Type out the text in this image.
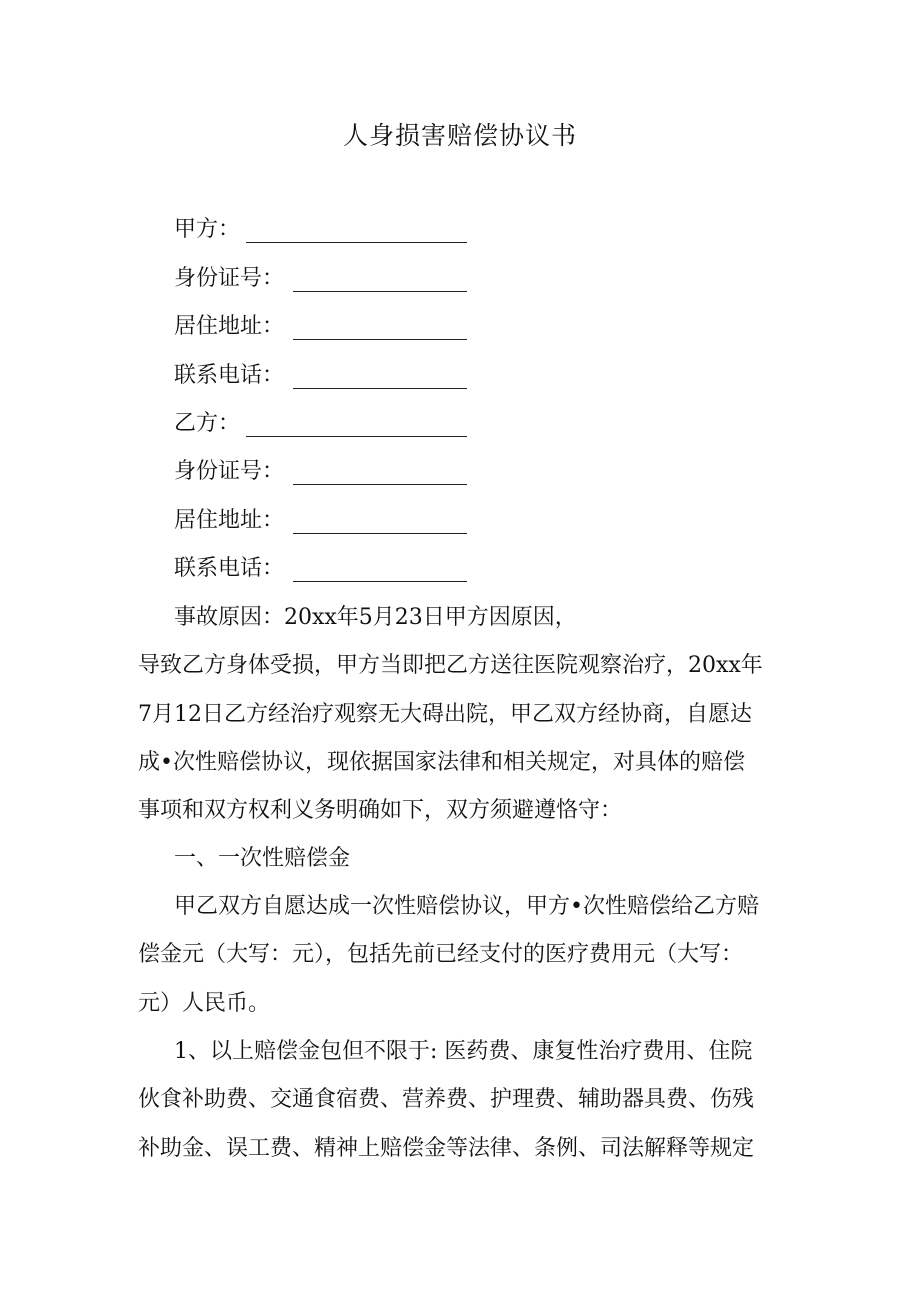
人身损害赔偿协议书
甲方：
身份证号：
居住地址：
联系电话：
乙方：
身份证号：
居住地址：
联系电话：
事故原因：20xx年5月23日甲方因原因，
导致乙方身体受损，甲方当即把乙方送往医院观察治疗，20xx年
7月12日乙方经治疗观察无大碍出院，甲乙双方经协商，自愿达
成•次性赔偿协议，现依据国家法律和相关规定，对具体的赔偿
事项和双方权利义务明确如下，双方须避遵恪守：
一、一次性赔偿金
甲乙双方自愿达成一次性赔偿协议，甲方•次性赔偿给乙方赔
偿金元（大写：元），包括先前已经支付的医疗费用元（大写：
元）人民币。
1、以上赔偿金包但不限于: 医药费、康复性治疗费用、住院
伙食补助费、交通食宿费、营养费、护理费、辅助器具费、伤残
补助金、误工费、精神上赔偿金等法律、条例、司法解释等规定
